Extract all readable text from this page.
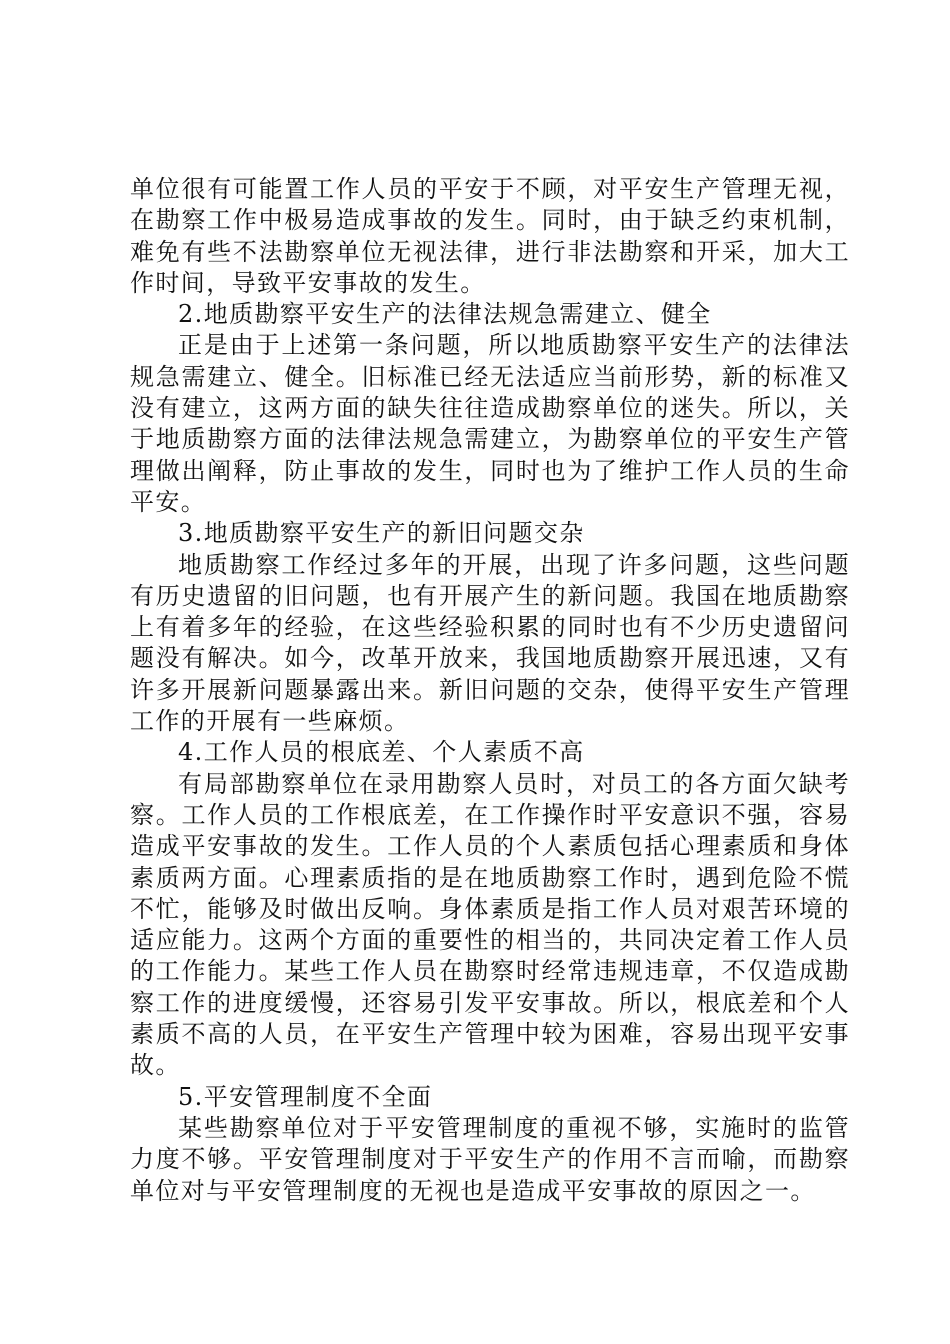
单位很有可能置工作人员的平安于不顾，对平安生产管理无视，在勘察工作中极易造成事故的发生。同时，由于缺乏约束机制，难免有些不法勘察单位无视法律，进行非法勘察和开采，加大工作时间，导致平安事故的发生。

2.地质勘察平安生产的法律法规急需建立、健全

正是由于上述第一条问题，所以地质勘察平安生产的法律法规急需建立、健全。旧标准已经无法适应当前形势，新的标准又没有建立，这两方面的缺失往往造成勘察单位的迷失。所以，关于地质勘察方面的法律法规急需建立，为勘察单位的平安生产管理做出阐释，防止事故的发生，同时也为了维护工作人员的生命平安。

3.地质勘察平安生产的新旧问题交杂

地质勘察工作经过多年的开展，出现了许多问题，这些问题有历史遗留的旧问题，也有开展产生的新问题。我国在地质勘察上有着多年的经验，在这些经验积累的同时也有不少历史遗留问题没有解决。如今，改革开放来，我国地质勘察开展迅速，又有许多开展新问题暴露出来。新旧问题的交杂，使得平安生产管理工作的开展有一些麻烦。

4.工作人员的根底差、个人素质不高

有局部勘察单位在录用勘察人员时，对员工的各方面欠缺考察。工作人员的工作根底差，在工作操作时平安意识不强，容易造成平安事故的发生。工作人员的个人素质包括心理素质和身体素质两方面。心理素质指的是在地质勘察工作时，遇到危险不慌不忙，能够及时做出反响。身体素质是指工作人员对艰苦环境的适应能力。这两个方面的重要性的相当的，共同决定着工作人员的工作能力。某些工作人员在勘察时经常违规违章，不仅造成勘察工作的进度缓慢，还容易引发平安事故。所以，根底差和个人素质不高的人员，在平安生产管理中较为困难，容易出现平安事故。

5.平安管理制度不全面

某些勘察单位对于平安管理制度的重视不够，实施时的监管力度不够。平安管理制度对于平安生产的作用不言而喻，而勘察单位对与平安管理制度的无视也是造成平安事故的原因之一。
